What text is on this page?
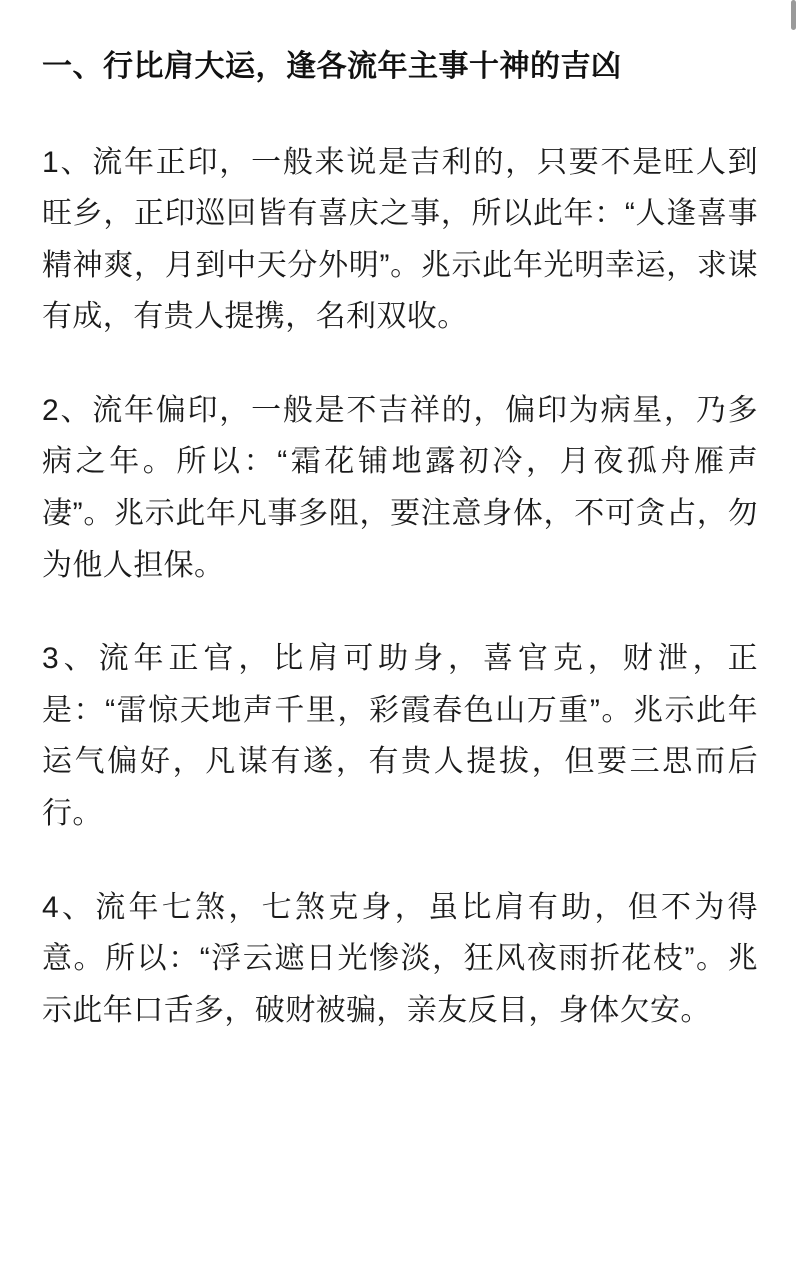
一、行比肩大运，逢各流年主事十神的吉凶

1、流年正印，一般来说是吉利的，只要不是旺人到旺乡，正印巡回皆有喜庆之事，所以此年：“人逢喜事精神爽，月到中天分外明”。兆示此年光明幸运，求谋有成，有贵人提携，名利双收。

2、流年偏印，一般是不吉祥的，偏印为病星，乃多病之年。所以：“霜花铺地露初冷，月夜孤舟雁声凄”。兆示此年凡事多阻，要注意身体，不可贪占，勿为他人担保。

3、流年正官，比肩可助身，喜官克，财泄，正是：“雷惊天地声千里，彩霞春色山万重”。兆示此年运气偏好，凡谋有遂，有贵人提拔，但要三思而后行。

4、流年七煞，七煞克身，虽比肩有助，但不为得意。所以：“浮云遮日光惨淡，狂风夜雨折花枝”。兆示此年口舌多，破财被骗，亲友反目，身体欠安。
